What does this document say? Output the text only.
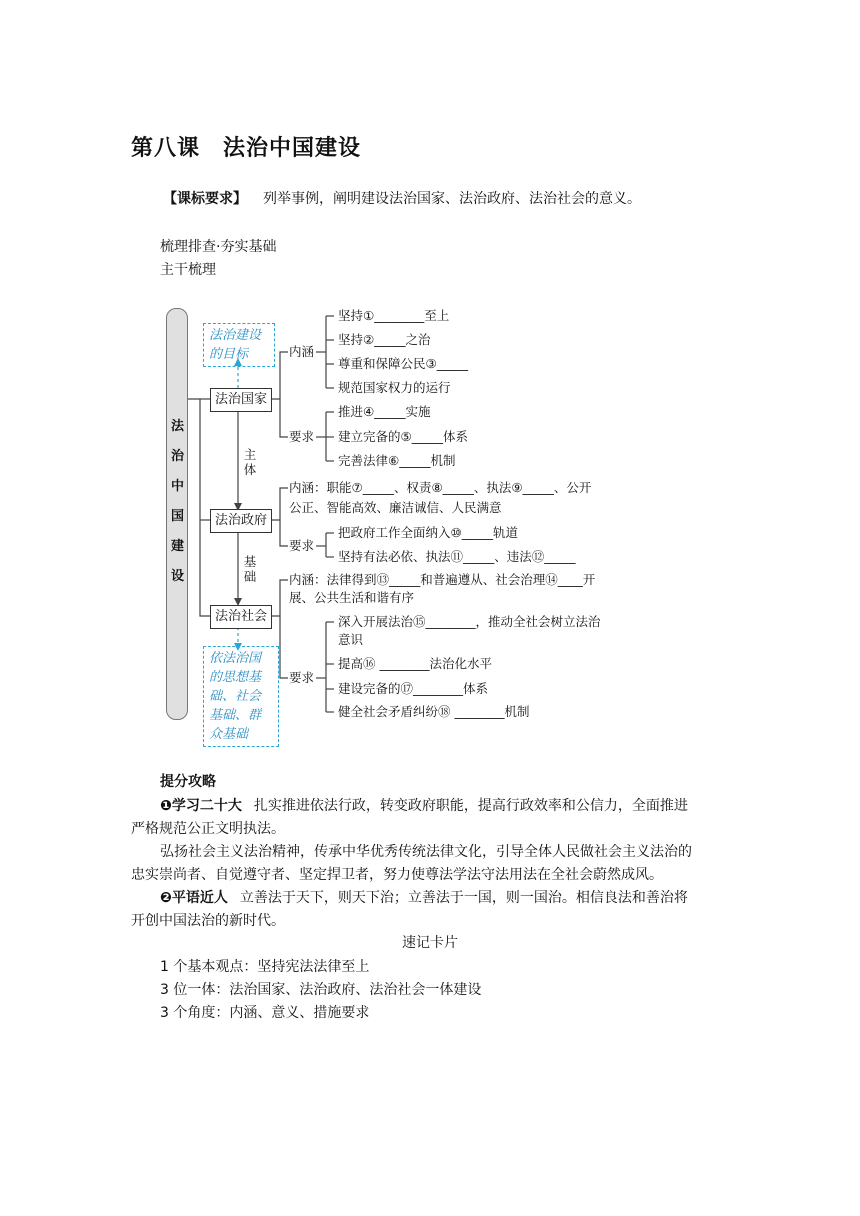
第八课　法治中国建设
【课标要求】 列举事例，阐明建设法治国家、法治政府、法治社会的意义。
梳理排查·夯实基础
主干梳理
法治中国建设
法治建设的目标
依法治国的思想基础、社会基础、群众基础
法治国家
法治政府
法治社会
主体
基础
内涵
坚持①________至上
坚持②_____之治
尊重和保障公民③_____
规范国家权力的运行
要求
推进④_____实施
建立完备的⑤_____体系
完善法律⑥_____机制
内涵：职能⑦_____、权责⑧_____、执法⑨_____、公开
公正、智能高效、廉洁诚信、人民满意
要求
把政府工作全面纳入⑩_____轨道
坚持有法必依、执法⑪_____、违法⑫_____
内涵：法律得到⑬_____和普遍遵从、社会治理⑭____开
展、公共生活和谐有序
要求
深入开展法治⑮________，推动全社会树立法治
意识
提高⑯ ________法治化水平
建设完备的⑰________体系
健全社会矛盾纠纷⑱ ________机制
提分攻略
❶学习二十大 扎实推进依法行政，转变政府职能，提高行政效率和公信力，全面推进
严格规范公正文明执法。
弘扬社会主义法治精神，传承中华优秀传统法律文化，引导全体人民做社会主义法治的
忠实崇尚者、自觉遵守者、坚定捍卫者，努力使尊法学法守法用法在全社会蔚然成风。
❷平语近人 立善法于天下，则天下治；立善法于一国，则一国治。相信良法和善治将
开创中国法治的新时代。
速记卡片
1 个基本观点：坚持宪法法律至上
3 位一体：法治国家、法治政府、法治社会一体建设
3 个角度：内涵、意义、措施要求
